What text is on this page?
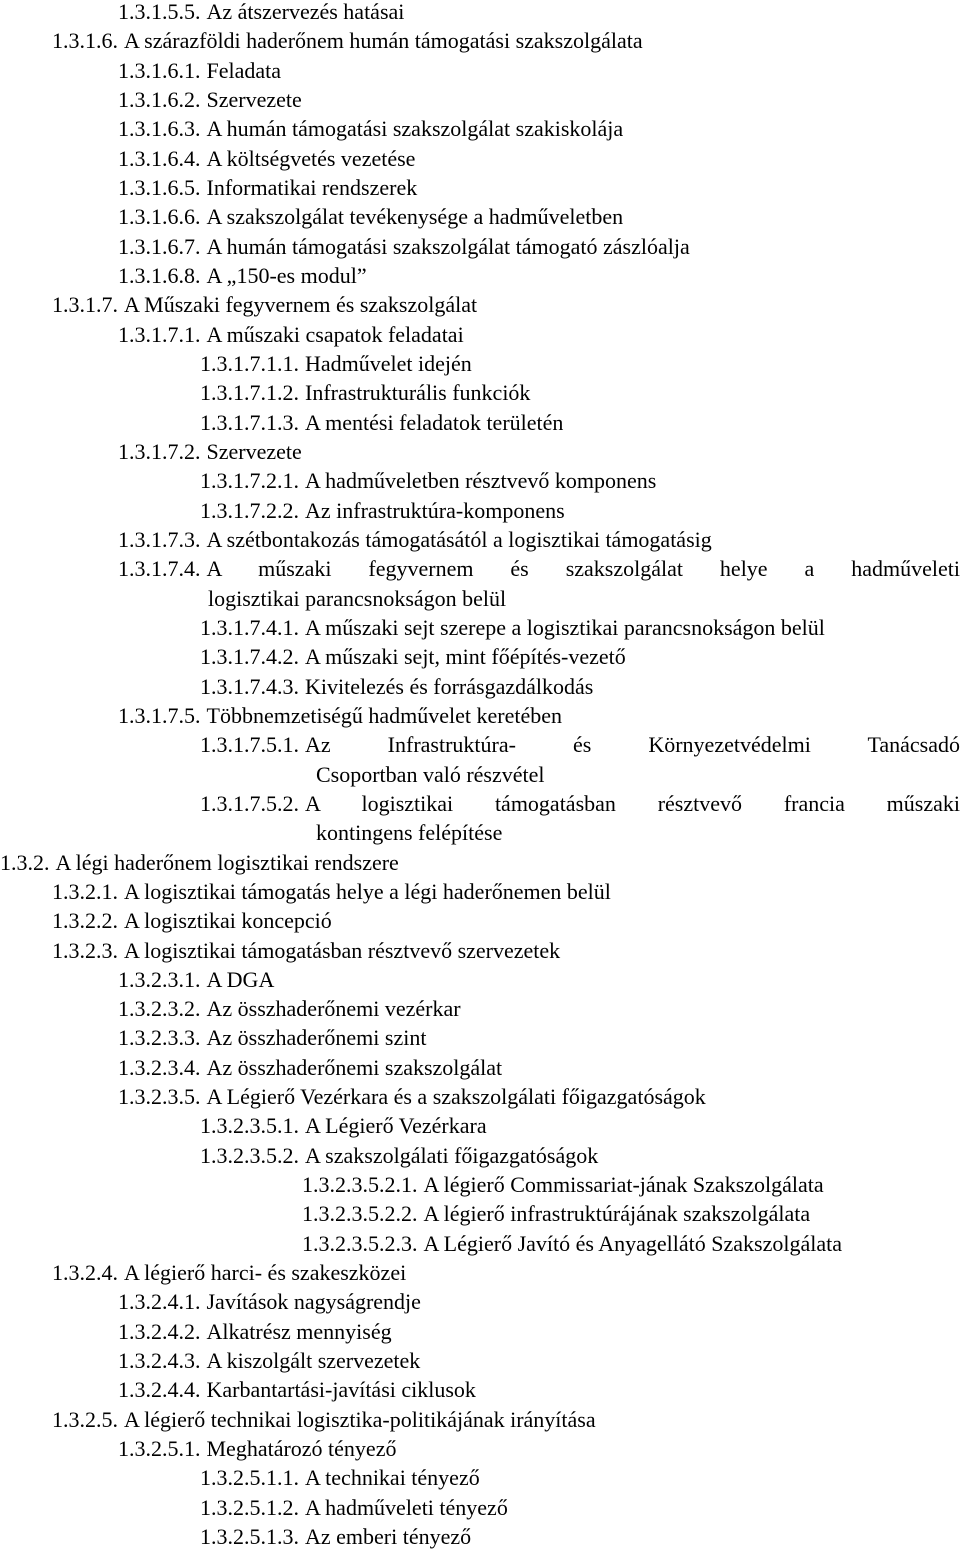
1.3.1.5.5. Az átszervezés hatásai
1.3.1.6. A szárazföldi haderőnem humán támogatási szakszolgálata
1.3.1.6.1. Feladata
1.3.1.6.2. Szervezete
1.3.1.6.3. A humán támogatási szakszolgálat szakiskolája
1.3.1.6.4. A költségvetés vezetése
1.3.1.6.5. Informatikai rendszerek
1.3.1.6.6. A szakszolgálat tevékenysége a hadműveletben
1.3.1.6.7. A humán támogatási szakszolgálat támogató zászlóalja
1.3.1.6.8. A „150-es modul”
1.3.1.7. A Műszaki fegyvernem és szakszolgálat
1.3.1.7.1. A műszaki csapatok feladatai
1.3.1.7.1.1. Hadművelet idején
1.3.1.7.1.2. Infrastrukturális funkciók
1.3.1.7.1.3. A mentési feladatok területén
1.3.1.7.2. Szervezete
1.3.1.7.2.1. A hadműveletben résztvevő komponens
1.3.1.7.2.2. Az infrastruktúra-komponens
1.3.1.7.3. A szétbontakozás támogatásától a logisztikai támogatásig
1.3.1.7.4. A műszaki fegyvernem és szakszolgálat helye a hadműveleti
logisztikai parancsnokságon belül
1.3.1.7.4.1. A műszaki sejt szerepe a logisztikai parancsnokságon belül
1.3.1.7.4.2. A műszaki sejt, mint főépítés-vezető
1.3.1.7.4.3. Kivitelezés és forrásgazdálkodás
1.3.1.7.5. Többnemzetiségű hadművelet keretében
1.3.1.7.5.1. Az Infrastruktúra- és Környezetvédelmi Tanácsadó
Csoportban való részvétel
1.3.1.7.5.2. A logisztikai támogatásban résztvevő francia műszaki
kontingens felépítése
1.3.2. A légi haderőnem logisztikai rendszere
1.3.2.1. A logisztikai támogatás helye a légi haderőnemen belül
1.3.2.2. A logisztikai koncepció
1.3.2.3. A logisztikai támogatásban résztvevő szervezetek
1.3.2.3.1. A DGA
1.3.2.3.2. Az összhaderőnemi vezérkar
1.3.2.3.3. Az összhaderőnemi szint
1.3.2.3.4. Az összhaderőnemi szakszolgálat
1.3.2.3.5. A Légierő Vezérkara és a szakszolgálati főigazgatóságok
1.3.2.3.5.1. A Légierő Vezérkara
1.3.2.3.5.2. A szakszolgálati főigazgatóságok
1.3.2.3.5.2.1. A légierő Commissariat-jának Szakszolgálata
1.3.2.3.5.2.2. A légierő infrastruktúrájának szakszolgálata
1.3.2.3.5.2.3. A Légierő Javító és Anyagellátó Szakszolgálata
1.3.2.4. A légierő harci- és szakeszközei
1.3.2.4.1. Javítások nagyságrendje
1.3.2.4.2. Alkatrész mennyiség
1.3.2.4.3. A kiszolgált szervezetek
1.3.2.4.4. Karbantartási-javítási ciklusok
1.3.2.5. A légierő technikai logisztika-politikájának irányítása
1.3.2.5.1. Meghatározó tényező
1.3.2.5.1.1. A technikai tényező
1.3.2.5.1.2. A hadműveleti tényező
1.3.2.5.1.3. Az emberi tényező
